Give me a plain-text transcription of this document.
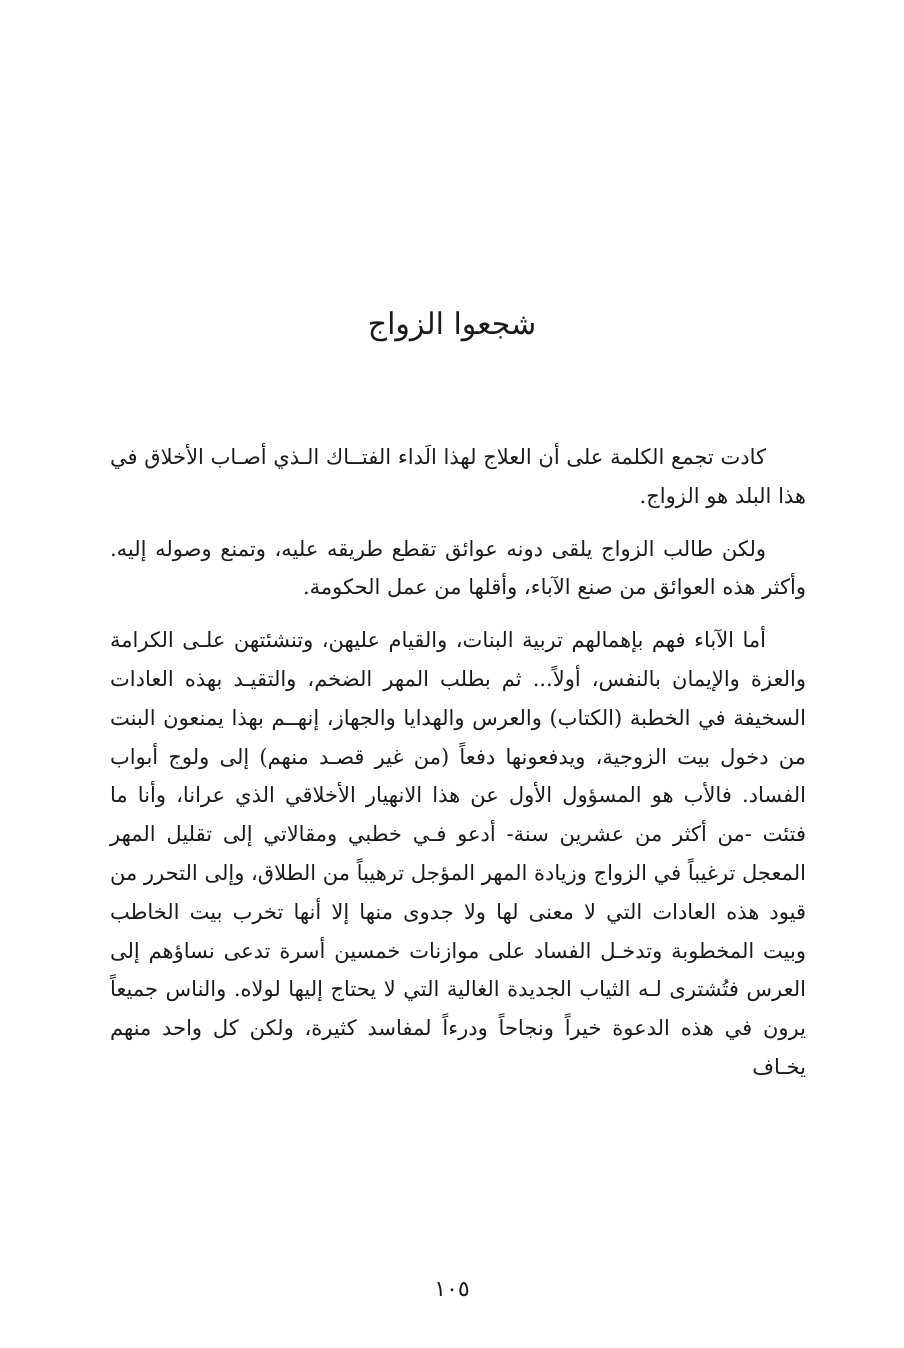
شجعوا الزواج

كادت تجمع الكلمة على أن العلاج لهذا الَداء الفتــاك الـذي أصـاب الأخلاق في هذا البلد هو الزواج.

ولكن طالب الزواج يلقى دونه عوائق تقطع طريقه عليه، وتمنع وصوله إليه. وأكثر هذه العوائق من صنع الآباء، وأقلها من عمل الحكومة.

أما الآباء فهم بإهمالهم تربية البنات، والقيام عليهن، وتنشئتهن علـى الكرامة والعزة والإيمان بالنفس، أولاً... ثم بطلب المهر الضخم، والتقيـد بهذه العادات السخيفة في الخطبة (الكتاب) والعرس والهدايا والجهاز، إنهــم بهذا يمنعون البنت من دخول بيت الزوجية، ويدفعونها دفعاً (من غير قصـد منهم) إلى ولوج أبواب الفساد. فالأب هو المسؤول الأول عن هذا الانهيار الأخلاقي الذي عرانا، وأنا ما فتئت -من أكثر من عشرين سنة- أدعو فـي خطبي ومقالاتي إلى تقليل المهر المعجل ترغيباً في الزواج وزيادة المهر المؤجل ترهيباً من الطلاق، وإلى التحرر من قيود هذه العادات التي لا معنى لها ولا جدوى منها إلا أنها تخرب بيت الخاطب وبيت المخطوبة وتدخـل الفساد على موازنات خمسين أسرة تدعى نساؤهم إلى العرس فتُشترى لـه الثياب الجديدة الغالية التي لا يحتاج إليها لولاه. والناس جميعاً يرون في هذه الدعوة خيراً ونجاحاً ودرءاً لمفاسد كثيرة، ولكن كل واحد منهم يخـاف

١٠٥
